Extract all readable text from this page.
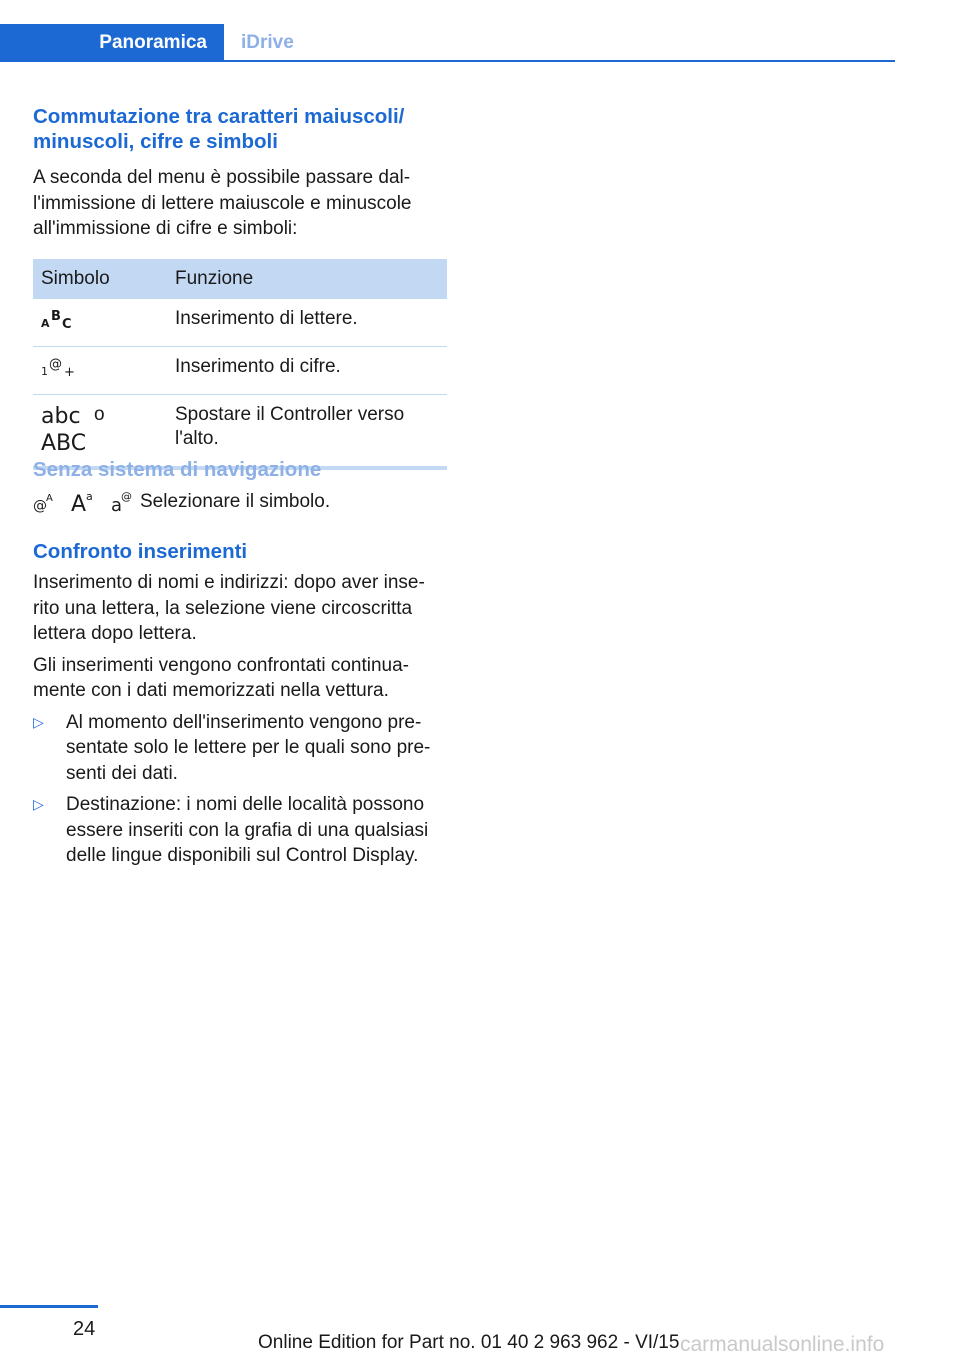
Panoramica	iDrive
Commutazione tra caratteri maiuscoli/ minuscoli, cifre e simboli

A seconda del menu è possibile passare dal- l'immissione di lettere maiuscole e minuscole all'immissione di cifre e simboli:

Simbolo	Funzione

A B
C	Inserimento di lettere.

1 @
+	Inserimento di cifre.

abc
ABC
o	Spostare il Controller verso l'alto.
Senza sistema di navigazione
@ A A a a
@ Selezionare il simbolo.
Confronto inserimenti

Inserimento di nomi e indirizzi: dopo aver inse- rito una lettera, la selezione viene circoscritta lettera dopo lettera.

Gli inserimenti vengono confrontati continua- mente con i dati memorizzati nella vettura.

▷ Al momento dell'inserimento vengono pre- sentate solo le lettere per le quali sono pre- senti dei dati.
▷ Destinazione: i nomi delle località possono essere inseriti con la grafia di una qualsiasi delle lingue disponibili sul Control Display.
24
Online Edition for Part no. 01 40 2 963 962 - VI/15 carmanualsonline.info
